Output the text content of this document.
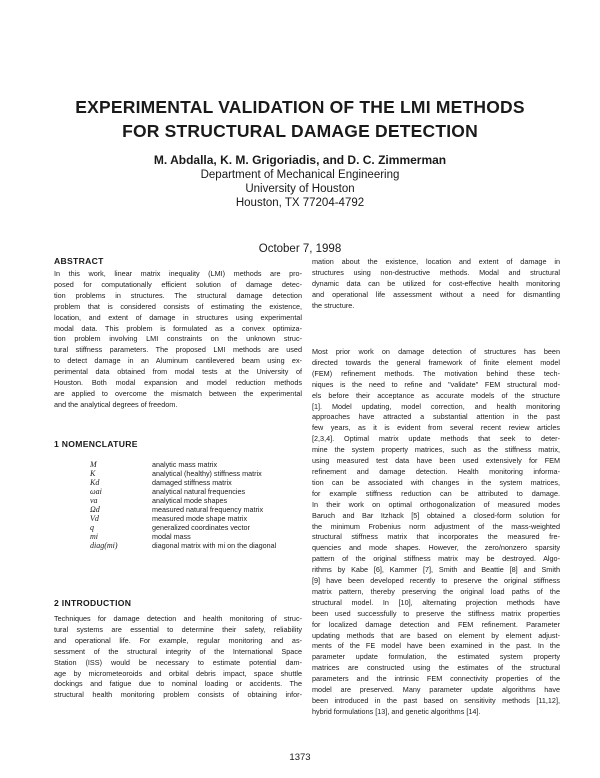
EXPERIMENTAL VALIDATION OF THE LMI METHODS
FOR STRUCTURAL DAMAGE DETECTION
M. Abdalla, K. M. Grigoriadis, and D. C. Zimmerman
Department of Mechanical Engineering
University of Houston
Houston, TX 77204-4792
October 7, 1998
ABSTRACT
In this work, linear matrix inequality (LMI) methods are pro-
posed for computationally efficient solution of damage detec-
tion problems in structures. The structural damage detection
problem that is considered consists of estimating the existence,
location, and extent of damage in structures using experimental
modal data. This problem is formulated as a convex optimiza-
tion problem involving LMI constraints on the unknown struc-
tural stiffness parameters. The proposed LMI methods are used
to detect damage in an Aluminum cantilevered beam using ex-
perimental data obtained from modal tests at the University of
Houston. Both modal expansion and model reduction methods
are applied to overcome the mismatch between the experimental
and the analytical degrees of freedom.
1 NOMENCLATURE
M	analytic mass matrix
K	analytical (healthy) stiffness matrix
Kd	damaged stiffness matrix
ωai	analytical natural frequencies
va	analytical mode shapes
Ωd	measured natural frequency matrix
Vd	measured mode shape matrix
q	generalized coordinates vector
mi	modal mass
diag(mi)	diagonal matrix with mi on the diagonal
2 INTRODUCTION
Techniques for damage detection and health monitoring of struc-
tural systems are essential to determine their safety, reliability
and operational life. For example, regular monitoring and as-
sessment of the structural integrity of the International Space
Station (ISS) would be necessary to estimate potential dam-
age by micrometeoroids and orbital debris impact, space shuttle
dockings and fatigue due to nominal loading or accidents. The
structural health monitoring problem consists of obtaining infor-
mation about the existence, location and extent of damage in
structures using non-destructive methods. Modal and structural
dynamic data can be utilized for cost-effective health monitoring
and operational life assessment without a need for dismantling
the structure.
Most prior work on damage detection of structures has been
directed towards the general framework of finite element model
(FEM) refinement methods. The motivation behind these tech-
niques is the need to refine and "validate" FEM structural mod-
els before their acceptance as accurate models of the structure
[1]. Model updating, model correction, and health monitoring
approaches have attracted a substantial attention in the past
few years, as it is evident from several recent review articles
[2,3,4]. Optimal matrix update methods that seek to deter-
mine the system property matrices, such as the stiffness matrix,
using measured test data have been used extensively for FEM
refinement and damage detection. Health monitoring informa-
tion can be associated with changes in the system matrices,
for example stiffness reduction can be attributed to damage.
In their work on optimal orthogonalization of measured modes
Baruch and Bar Itzhack [5] obtained a closed-form solution for
the minimum Frobenius norm adjustment of the mass-weighted
structural stiffness matrix that incorporates the measured fre-
quencies and mode shapes. However, the zero/nonzero sparsity
pattern of the original stiffness matrix may be destroyed. Algo-
rithms by Kabe [6], Kammer [7], Smith and Beattie [8] and Smith
[9] have been developed recently to preserve the original stiffness
matrix pattern, thereby preserving the original load paths of the
structural model. In [10], alternating projection methods have
been used successfully to preserve the stiffness matrix properties
for localized damage detection and FEM refinement. Parameter
updating methods that are based on element by element adjust-
ments of the FE model have been examined in the past. In the
parameter update formulation, the estimated system property
matrices are constructed using the estimates of the structural
parameters and the intrinsic FEM connectivity properties of the
model are preserved. Many parameter update algorithms have
been introduced in the past based on sensitivity methods [11,12],
hybrid formulations [13], and genetic algorithms [14].
1373
